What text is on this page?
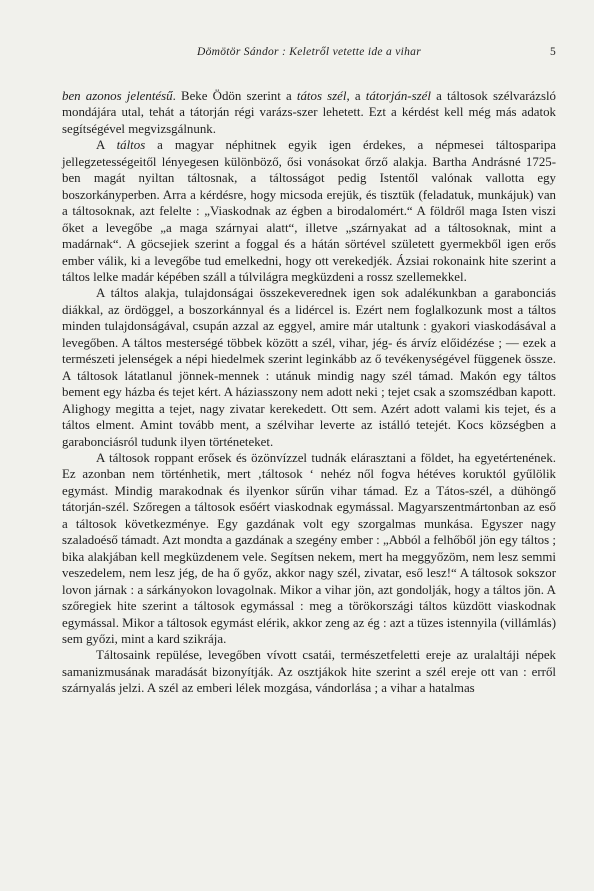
Dömötör Sándor : Keletről vetette ide a vihar	5

ben azonos jelentésű. Beke Ödön szerint a tátos szél, a tátorján-szél a táltosok szélvarázsló mondájára utal, tehát a tátorján régi varázs-szer lehetett. Ezt a kérdést kell még más adatok segítségével megvizsgálnunk.

A táltos a magyar néphitnek egyik igen érdekes, a népmesei táltosparipa jellegzetességeitől lényegesen különböző, ősi vonásokat őrző alakja. Bartha Andrásné 1725-ben magát nyiltan táltosnak, a táltosságot pedig Istentől valónak vallotta egy boszorkányperben. Arra a kérdésre, hogy micsoda erejük, és tisztük (feladatuk, munkájuk) van a táltosoknak, azt felelte : „Viaskodnak az égben a birodalomért.“ A földről maga Isten viszi őket a levegőbe „a maga szárnyai alatt“, illetve „szárnyakat ad a táltosoknak, mint a madárnak“. A göcsejiek szerint a foggal és a hátán sörtével született gyermekből igen erős ember válik, ki a levegőbe tud emelkedni, hogy ott verekedjék. Ázsiai rokonaink hite szerint a táltos lelke madár képében száll a túlvilágra megküzdeni a rossz szellemekkel.

A táltos alakja, tulajdonságai összekeverednek igen sok adalékunkban a garabonciás diákkal, az ördöggel, a boszorkánnyal és a lidércel is. Ezért nem foglalkozunk most a táltos minden tulajdonságával, csupán azzal az eggyel, amire már utaltunk : gyakori viaskodásával a levegőben. A táltos mesterségé többek között a szél, vihar, jég- és árvíz előidézése ; — ezek a természeti jelenségek a népi hiedelmek szerint leginkább az ő tevékenységével függenek össze. A táltosok látatlanul jönnek-mennek : utánuk mindig nagy szél támad. Makón egy táltos bement egy házba és tejet kért. A háziasszony nem adott neki ; tejet csak a szomszédban kapott. Alighogy megitta a tejet, nagy zivatar kerekedett. Ott sem. Azért adott valami kis tejet, és a táltos elment. Amint tovább ment, a szélvihar leverte az istálló tetejét. Kocs községben a garabonciásról tudunk ilyen történeteket.

A táltosok roppant erősek és özönvízzel tudnák elárasztani a földet, ha egyetértenének. Ez azonban nem történhetik, mert ‚táltosok ‘ nehéz nől fogva hétéves koruktól gyűlölik egymást. Mindig marakodnak és ilyenkor sűrűn vihar támad. Ez a Tátos-szél, a dühöngő tátorján-szél. Szőregen a táltosok esőért viaskodnak egymással. Magyarszentmártonban az eső a táltosok következménye. Egy gazdának volt egy szorgalmas munkása. Egyszer nagy szaladoéső támadt. Azt mondta a gazdának a szegény ember : „Abból a felhőből jön egy táltos ; bika alakjában kell megküzdenem vele. Segítsen nekem, mert ha meggyőzöm, nem lesz semmi veszedelem, nem lesz jég, de ha ő győz, akkor nagy szél, zivatar, eső lesz!“ A táltosok sokszor lovon járnak : a sárkányokon lovagolnak. Mikor a vihar jön, azt gondolják, hogy a táltos jön. A szőregiek hite szerint a táltosok egymással : meg a törökországi táltos küzdött viaskodnak egymással. Mikor a táltosok egymást elérik, akkor zeng az ég : azt a tüzes istennyila (villámlás) sem győzi, mint a kard szikrája.

Táltosaink repülése, levegőben vívott csatái, természetfeletti ereje az uralaltáji népek samanizmusának maradását bizonyítják. Az osztjákok hite szerint a szél ereje ott van : erről szárnyalás jelzi. A szél az emberi lélek mozgása, vándorlása ; a vihar a hatalmas
